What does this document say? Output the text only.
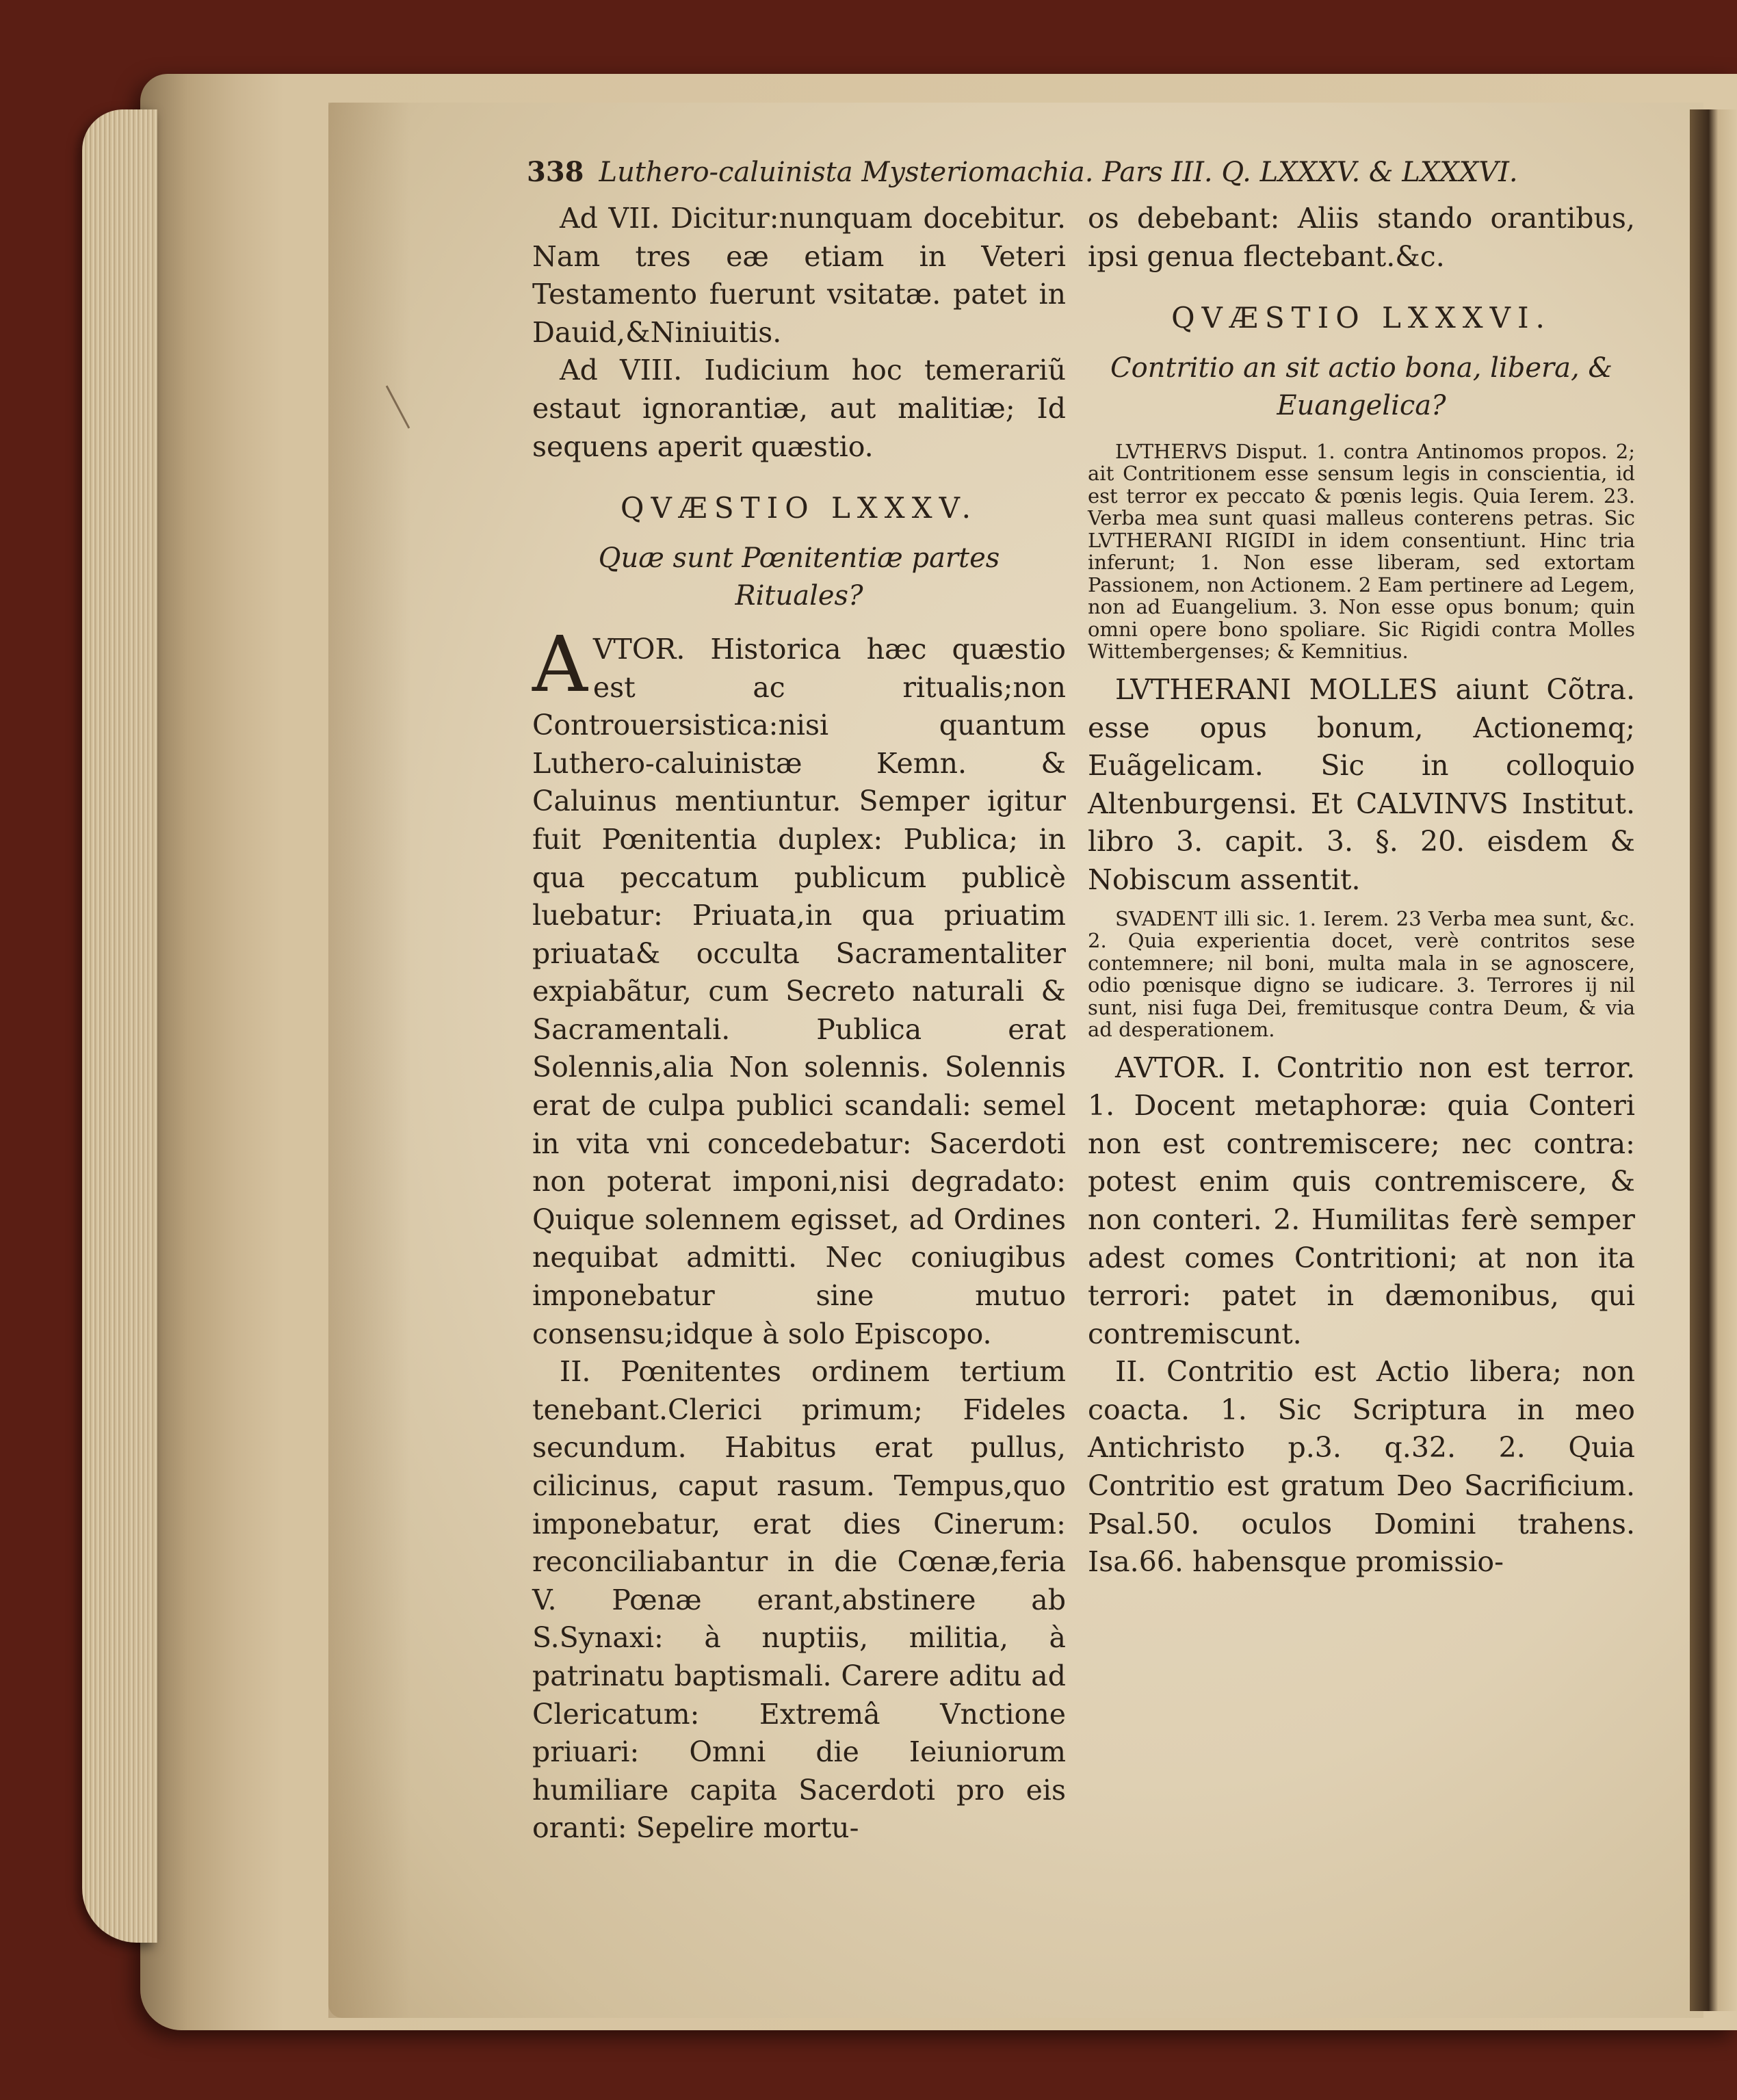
338 Luthero-caluinista Mysteriomachia. Pars III. Q. LXXXV. & LXXXVI.

Ad VII. Dicitur:nunquam docebitur. Nam tres eæ etiam in Veteri Testamento fuerunt vsitatæ. patet in Dauid,&Niniuitis.

Ad VIII. Iudicium hoc temerariũ estaut ignorantiæ, aut malitiæ; Id sequens aperit quæstio.

QVÆSTIO LXXXV.

Quæ sunt Pœnitentiæ partes Rituales?

AVTOR. Historica hæc quæstio est ac ritualis;non Controuersistica:nisi quantum Luthero-caluinistæ Kemn. & Caluinus mentiuntur. Semper igitur fuit Pœnitentia duplex: Publica; in qua peccatum publicum publicè luebatur: Priuata,in qua priuatim priuata& occulta Sacramentaliter expiabãtur, cum Secreto naturali & Sacramentali. Publica erat Solennis,alia Non solennis. Solennis erat de culpa publici scandali: semel in vita vni concedebatur: Sacerdoti non poterat imponi,nisi degradato: Quique solennem egisset, ad Ordines nequibat admitti. Nec coniugibus imponebatur sine mutuo consensu;idque à solo Episcopo.

II. Pœnitentes ordinem tertium tenebant.Clerici primum; Fideles secundum. Habitus erat pullus, cilicinus, caput rasum. Tempus,quo imponebatur, erat dies Cinerum: reconciliabantur in die Cœnæ,feria V. Pœnæ erant,abstinere ab S.Synaxi: à nuptiis, militia, à patrinatu baptismali. Carere aditu ad Clericatum: Extremâ Vnctione priuari: Omni die Ieiuniorum humiliare capita Sacerdoti pro eis oranti: Sepelire mortu-

os debebant: Aliis stando orantibus, ipsi genua flectebant.&c.

QVÆSTIO LXXXVI.

Contritio an sit actio bona, libera, & Euangelica?

LVTHERVS Disput. 1. contra Antinomos propos. 2; ait Contritionem esse sensum legis in conscientia, id est terror ex peccato & pœnis legis. Quia Ierem. 23. Verba mea sunt quasi malleus conterens petras. Sic LVTHERANI RIGIDI in idem consentiunt. Hinc tria inferunt; 1. Non esse liberam, sed extortam Passionem, non Actionem. 2 Eam pertinere ad Legem, non ad Euangelium. 3. Non esse opus bonum; quin omni opere bono spoliare. Sic Rigidi contra Molles Wittembergenses; & Kemnitius.

LVTHERANI MOLLES aiunt Cõtra. esse opus bonum, Actionemq; Euãgelicam. Sic in colloquio Altenburgensi. Et CALVINVS Institut. libro 3. capit. 3. §. 20. eisdem & Nobiscum assentit.

SVADENT illi sic. 1. Ierem. 23 Verba mea sunt, &c. 2. Quia experientia docet, verè contritos sese contemnere; nil boni, multa mala in se agnoscere, odio pœnisque digno se iudicare. 3. Terrores ij nil sunt, nisi fuga Dei, fremitusque contra Deum, & via ad desperationem.

AVTOR. I. Contritio non est terror. 1. Docent metaphoræ: quia Conteri non est contremiscere; nec contra: potest enim quis contremiscere, & non conteri. 2. Humilitas ferè semper adest comes Contritioni; at non ita terrori: patet in dæmonibus, qui contremiscunt.

II. Contritio est Actio libera; non coacta. 1. Sic Scriptura in meo Antichristo p.3. q.32. 2. Quia Contritio est gratum Deo Sacrificium. Psal.50. oculos Domini trahens. Isa.66. habensque promissio-
